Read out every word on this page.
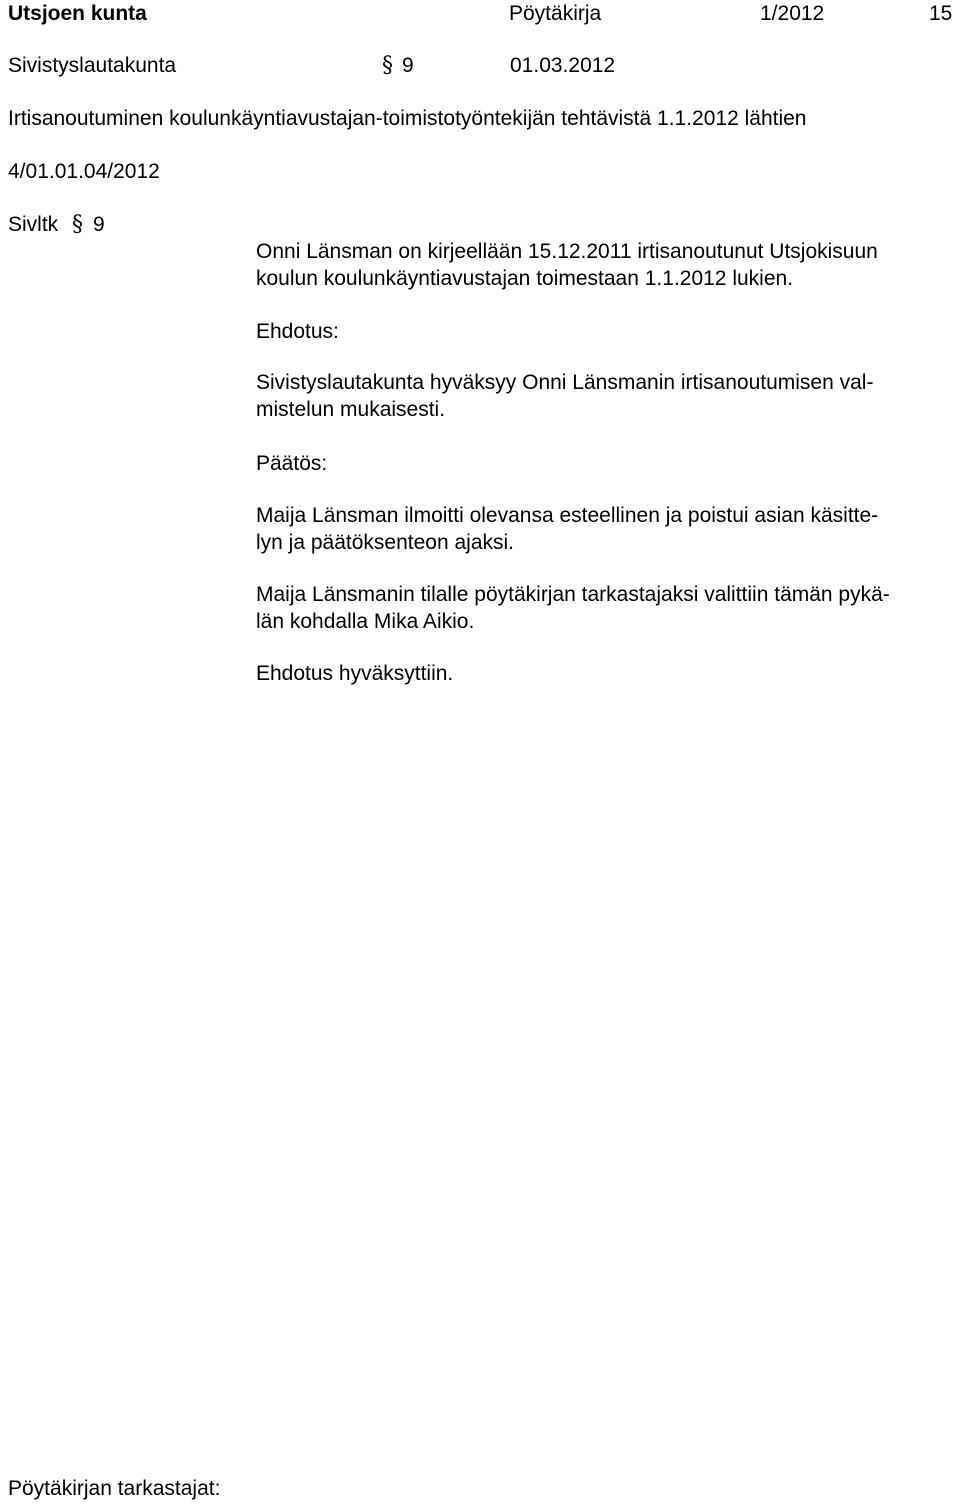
Utsjoen kunta	Pöytäkirja	1/2012	15
Sivistyslautakunta	§ 9	01.03.2012
Irtisanoutuminen koulunkäyntiavustajan-toimistotyöntekijän tehtävistä 1.1.2012 lähtien
4/01.01.04/2012
Sivltk § 9
Onni Länsman on kirjeellään 15.12.2011 irtisanoutunut Utsjokisuun
koulun koulunkäyntiavustajan toimestaan 1.1.2012 lukien.
Ehdotus:
Sivistyslautakunta hyväksyy Onni Länsmanin irtisanoutumisen val-
mistelun mukaisesti.
Päätös:
Maija Länsman ilmoitti olevansa esteellinen ja poistui asian käsitte-
lyn ja päätöksenteon ajaksi.
Maija Länsmanin tilalle pöytäkirjan tarkastajaksi valittiin tämän pykä-
län kohdalla Mika Aikio.
Ehdotus hyväksyttiin.
Pöytäkirjan tarkastajat:
